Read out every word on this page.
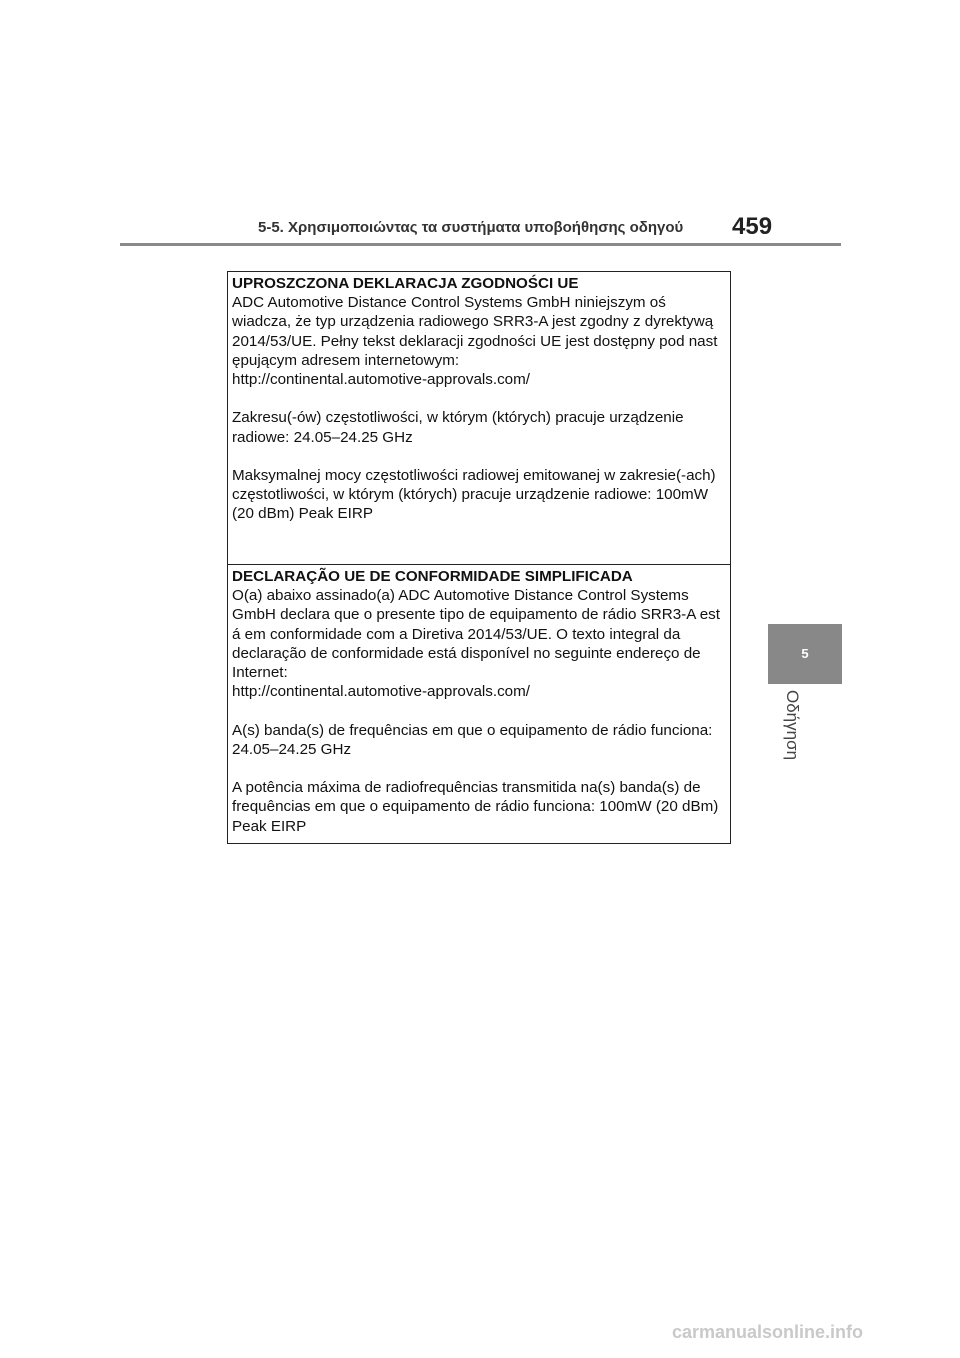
5-5. Χρησιμοποιώντας τα συστήματα υποβοήθησης οδηγού 459
UPROSZCZONA DEKLARACJA ZGODNOŚCI UE
ADC Automotive Distance Control Systems GmbH niniejszym oś
wiadcza, że typ urządzenia radiowego SRR3-A jest zgodny z dyrektywą
2014/53/UE. Pełny tekst deklaracji zgodności UE jest dostępny pod nast
ępującym adresem internetowym:
http://continental.automotive-approvals.com/
Zakresu(-ów) częstotliwości, w którym (których) pracuje urządzenie
radiowe: 24.05–24.25 GHz
Maksymalnej mocy częstotliwości radiowej emitowanej w zakresie(-ach)
częstotliwości, w którym (których) pracuje urządzenie radiowe: 100mW
(20 dBm) Peak EIRP
DECLARAÇÃO UE DE CONFORMIDADE SIMPLIFICADA
O(a) abaixo assinado(a) ADC Automotive Distance Control Systems
GmbH declara que o presente tipo de equipamento de rádio SRR3-A est
á em conformidade com a Diretiva 2014/53/UE. O texto integral da
declaração de conformidade está disponível no seguinte endereço de
Internet:
http://continental.automotive-approvals.com/
A(s) banda(s) de frequências em que o equipamento de rádio funciona:
24.05–24.25 GHz
A potência máxima de radiofrequências transmitida na(s) banda(s) de
frequências em que o equipamento de rádio funciona: 100mW (20 dBm)
Peak EIRP
5
Οδήγηση
carmanualsonline.info
